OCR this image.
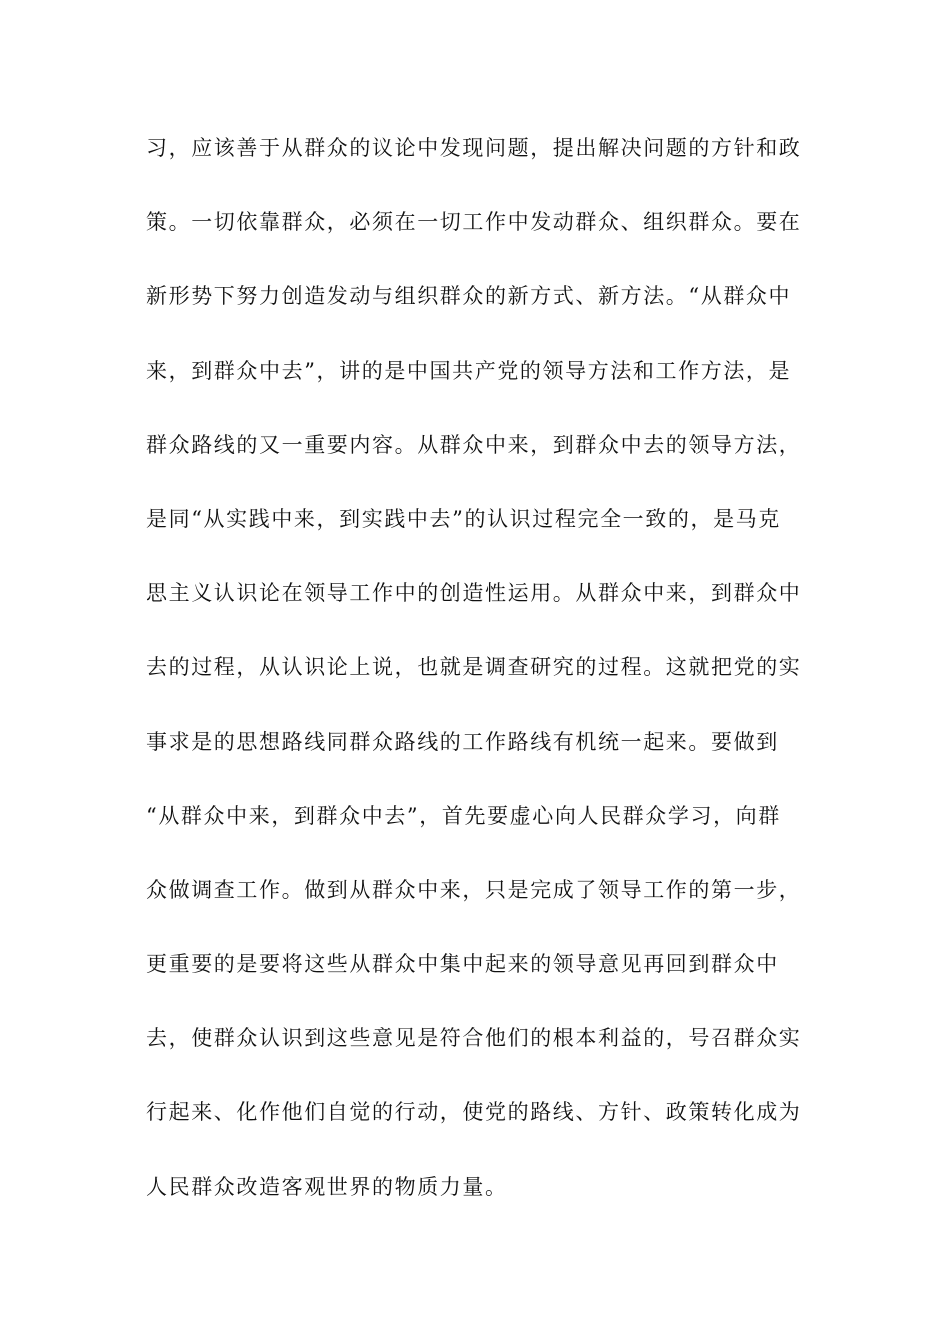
习，应该善于从群众的议论中发现问题，提出解决问题的方针和政
策。一切依靠群众，必须在一切工作中发动群众、组织群众。要在
新形势下努力创造发动与组织群众的新方式、新方法。“从群众中
来，到群众中去”，讲的是中国共产党的领导方法和工作方法，是
群众路线的又一重要内容。从群众中来，到群众中去的领导方法，
是同“从实践中来，到实践中去”的认识过程完全一致的，是马克
思主义认识论在领导工作中的创造性运用。从群众中来，到群众中
去的过程，从认识论上说，也就是调查研究的过程。这就把党的实
事求是的思想路线同群众路线的工作路线有机统一起来。要做到
“从群众中来，到群众中去”，首先要虚心向人民群众学习，向群
众做调查工作。做到从群众中来，只是完成了领导工作的第一步，
更重要的是要将这些从群众中集中起来的领导意见再回到群众中
去，使群众认识到这些意见是符合他们的根本利益的，号召群众实
行起来、化作他们自觉的行动，使党的路线、方针、政策转化成为
人民群众改造客观世界的物质力量。
